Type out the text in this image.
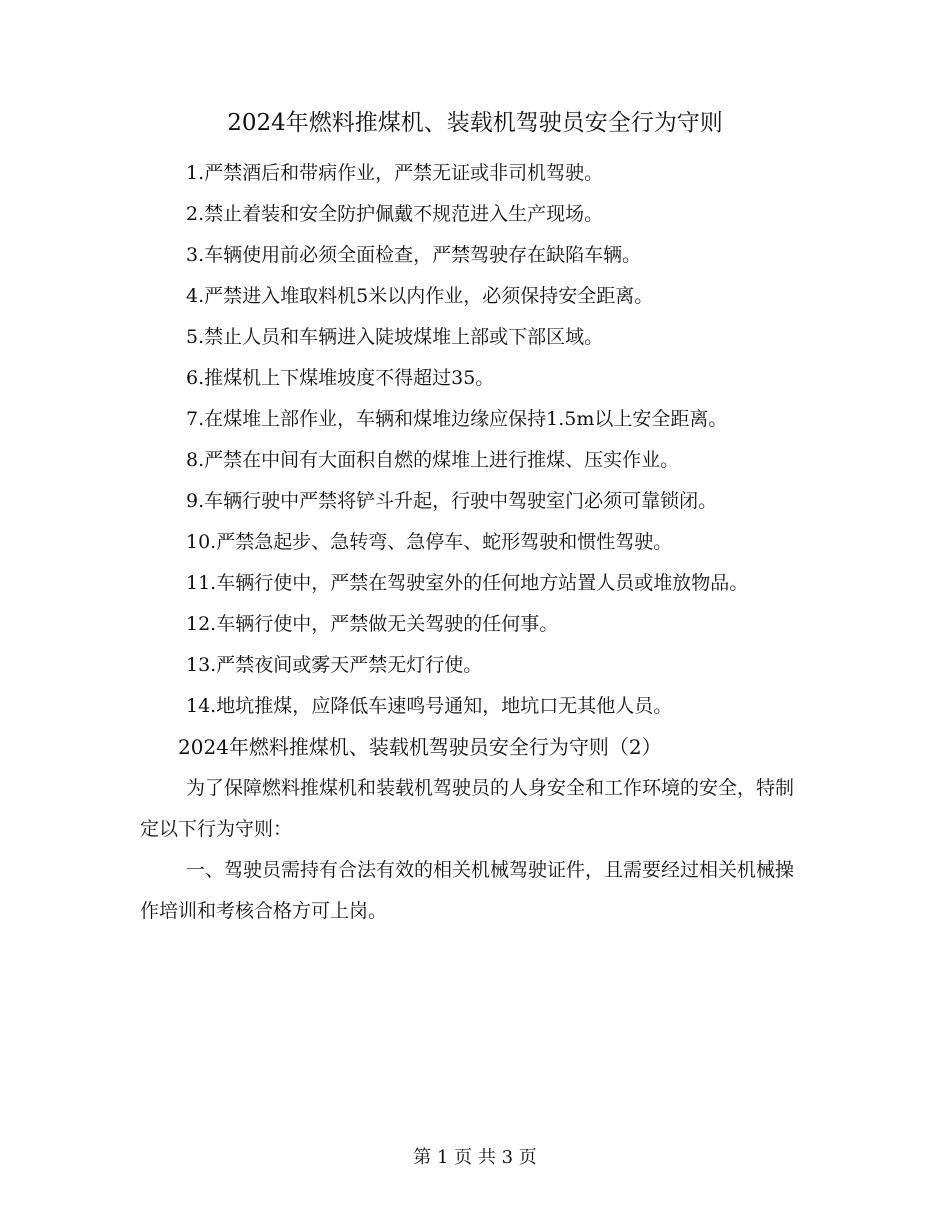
2024年燃料推煤机、装载机驾驶员安全行为守则
1.严禁酒后和带病作业，严禁无证或非司机驾驶。
2.禁止着装和安全防护佩戴不规范进入生产现场。
3.车辆使用前必须全面检查，严禁驾驶存在缺陷车辆。
4.严禁进入堆取料机5米以内作业，必须保持安全距离。
5.禁止人员和车辆进入陡坡煤堆上部或下部区域。
6.推煤机上下煤堆坡度不得超过35。
7.在煤堆上部作业，车辆和煤堆边缘应保持1.5m以上安全距离。
8.严禁在中间有大面积自燃的煤堆上进行推煤、压实作业。
9.车辆行驶中严禁将铲斗升起，行驶中驾驶室门必须可靠锁闭。
10.严禁急起步、急转弯、急停车、蛇形驾驶和惯性驾驶。
11.车辆行使中，严禁在驾驶室外的任何地方站置人员或堆放物品。
12.车辆行使中，严禁做无关驾驶的任何事。
13.严禁夜间或雾天严禁无灯行使。
14.地坑推煤，应降低车速鸣号通知，地坑口无其他人员。
2024年燃料推煤机、装载机驾驶员安全行为守则（2）
为了保障燃料推煤机和装载机驾驶员的人身安全和工作环境的安全，特制定以下行为守则：
一、驾驶员需持有合法有效的相关机械驾驶证件，且需要经过相关机械操作培训和考核合格方可上岗。
第 1 页 共 3 页
